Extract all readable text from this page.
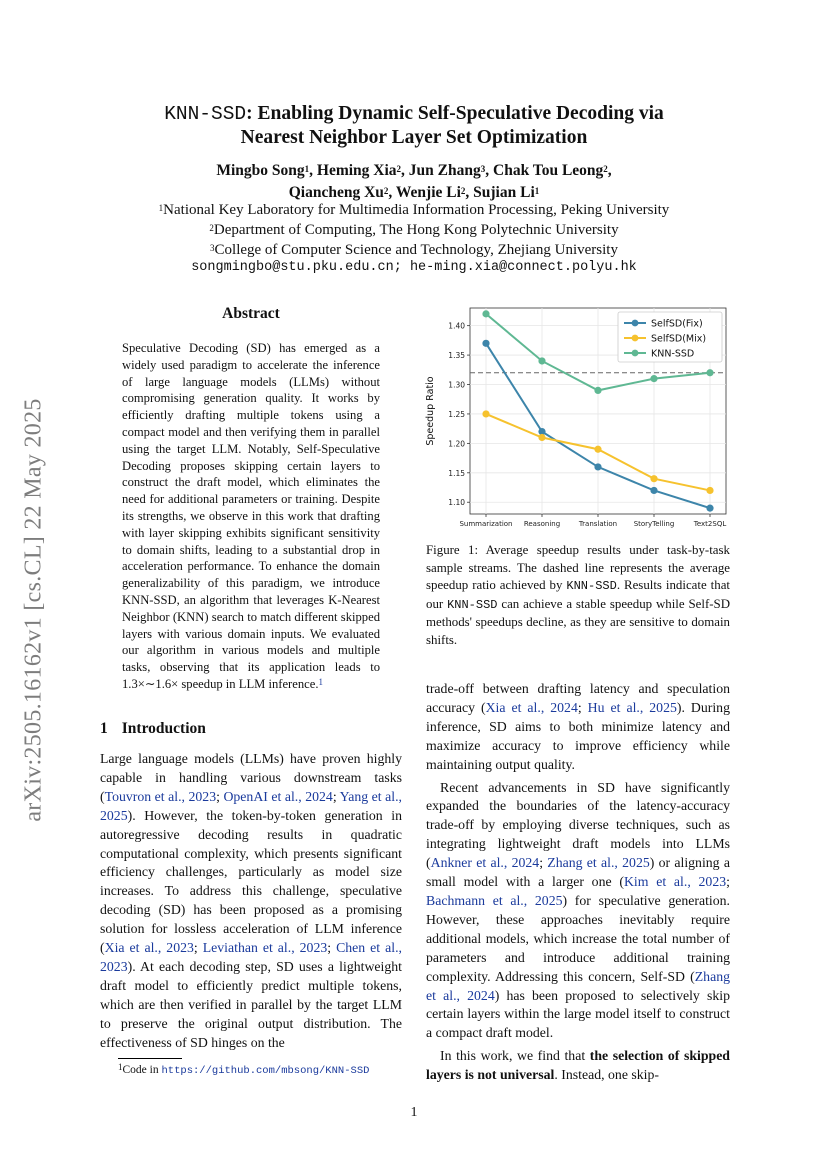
arXiv:2505.16162v1 [cs.CL] 22 May 2025
KNN-SSD: Enabling Dynamic Self-Speculative Decoding via
Nearest Neighbor Layer Set Optimization
Mingbo Song$^1$, Heming Xia$^2$, Jun Zhang$^3$, Chak Tou Leong$^2$,
Qiancheng Xu$^2$, Wenjie Li$^2$, Sujian Li$^1$
$^1$National Key Laboratory for Multimedia Information Processing, Peking University
$^2$Department of Computing, The Hong Kong Polytechnic University
$^3$College of Computer Science and Technology, Zhejiang University
songmingbo@stu.pku.edu.cn; he-ming.xia@connect.polyu.hk
Abstract
Speculative Decoding (SD) has emerged as a widely used paradigm to accelerate the inference of large language models (LLMs) without compromising generation quality. It works by efficiently drafting multiple tokens using a compact model and then verifying them in parallel using the target LLM. Notably, Self-Speculative Decoding proposes skipping certain layers to construct the draft model, which eliminates the need for additional parameters or training. Despite its strengths, we observe in this work that drafting with layer skipping exhibits significant sensitivity to domain shifts, leading to a substantial drop in acceleration performance. To enhance the domain generalizability of this paradigm, we introduce KNN-SSD, an algorithm that leverages K-Nearest Neighbor (KNN) search to match different skipped layers with various domain inputs. We evaluated our algorithm in various models and multiple tasks, observing that its application leads to 1.3×∼1.6× speedup in LLM inference.$^1$
1 Introduction

Large language models (LLMs) have proven highly capable in handling various downstream tasks (Touvron et al., 2023; OpenAI et al., 2024; Yang et al., 2025). However, the token-by-token generation in autoregressive decoding results in quadratic computational complexity, which presents significant efficiency challenges, particularly as model size increases. To address this challenge, speculative decoding (SD) has been proposed as a promising solution for lossless acceleration of LLM inference (Xia et al., 2023; Leviathan et al., 2023; Chen et al., 2023). At each decoding step, SD uses a lightweight draft model to efficiently predict multiple tokens, which are then verified in parallel by the target LLM to preserve the original output distribution. The effectiveness of SD hinges on the

$^1$Code in https://github.com/mbsong/KNN-SSD
1.10
1.15
1.20
1.25
1.30
1.35
1.40
Summarization Reasoning	Translation StoryTelling	Text2SQL
Speedup Ratio
SelfSD(Fix)
SelfSD(Mix)
KNN-SSD
Figure 1: Average speedup results under task-by-task sample streams. The dashed line represents the average speedup ratio achieved by KNN-SSD. Results indicate that our KNN-SSD can achieve a stable speedup while Self-SD methods' speedups decline, as they are sensitive to domain shifts.

trade-off between drafting latency and speculation accuracy (Xia et al., 2024; Hu et al., 2025). During inference, SD aims to both minimize latency and maximize accuracy to improve efficiency while maintaining output quality.

Recent advancements in SD have significantly expanded the boundaries of the latency-accuracy trade-off by employing diverse techniques, such as integrating lightweight draft models into LLMs (Ankner et al., 2024; Zhang et al., 2025) or aligning a small model with a larger one (Kim et al., 2023; Bachmann et al., 2025) for speculative generation. However, these approaches inevitably require additional models, which increase the total number of parameters and introduce additional training complexity. Addressing this concern, Self-SD (Zhang et al., 2024) has been proposed to selectively skip certain layers within the large model itself to construct a compact draft model.

In this work, we find that the selection of skipped layers is not universal. Instead, one skip-

1
